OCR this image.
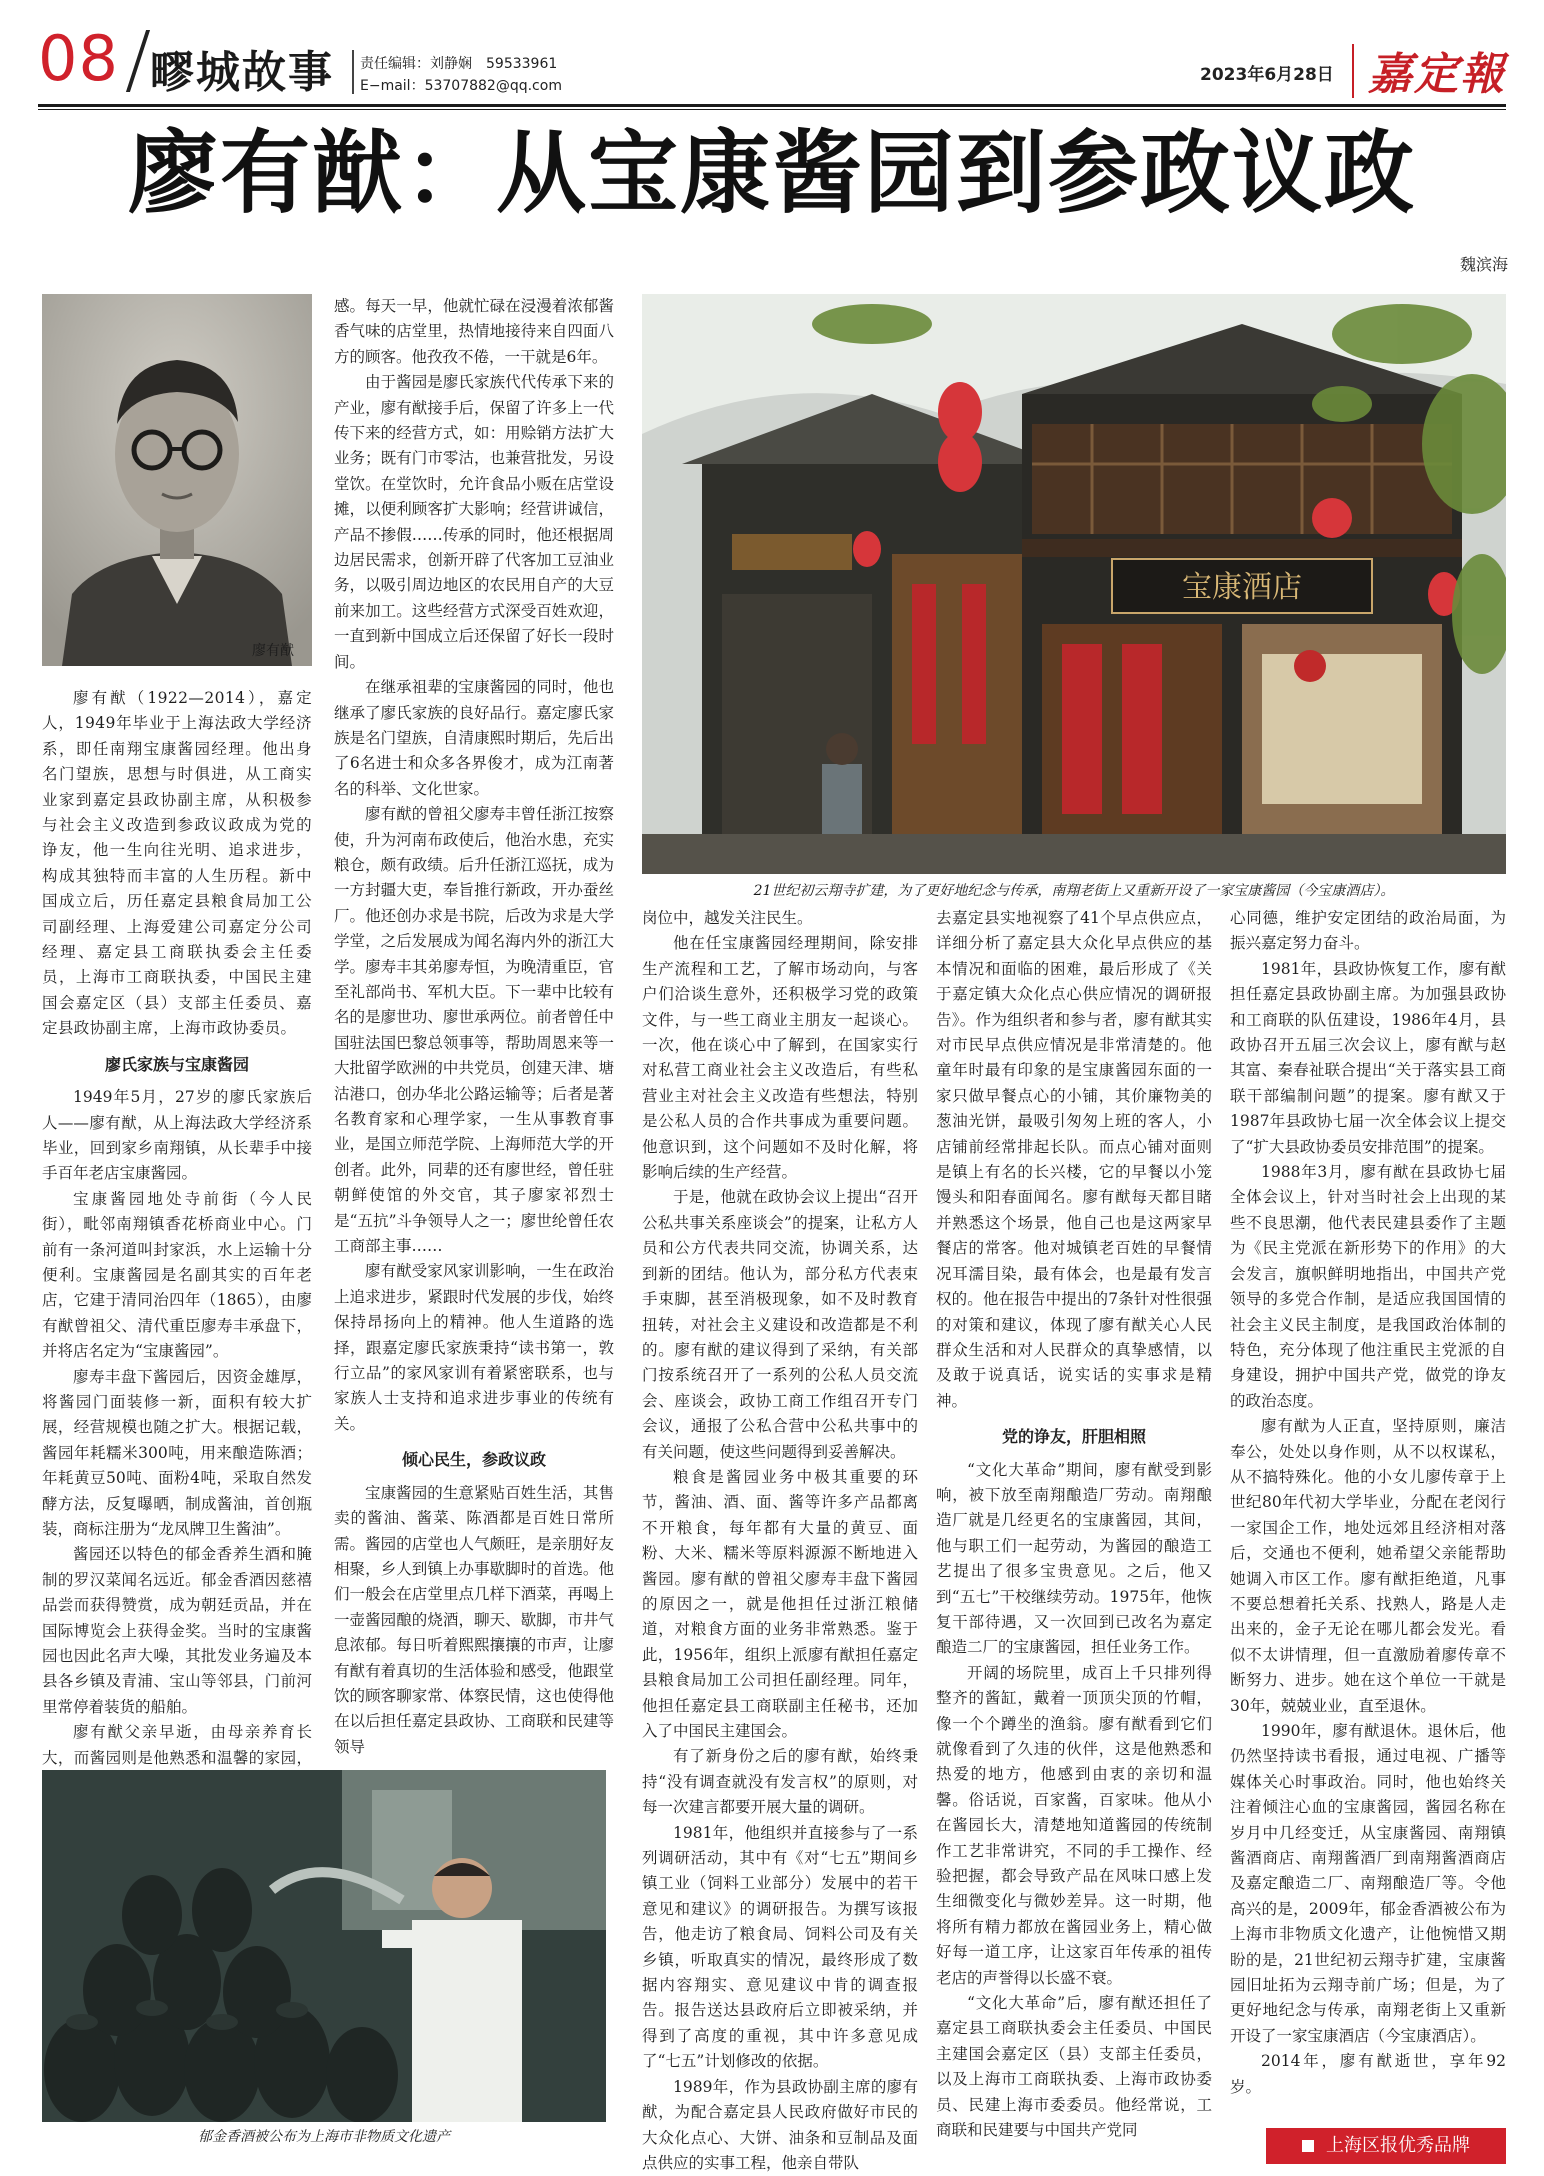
08 疁城故事 责任编辑：刘静娴　59533961
E−mail：53707882@qq.com
2023年6月28日 嘉定報
廖有猷：从宝康酱园到参政议政
魏滨海
廖有猷

廖有猷（1922—2014），嘉定人，1949年毕业于上海法政大学经济系，即任南翔宝康酱园经理。他出身名门望族，思想与时俱进，从工商实业家到嘉定县政协副主席，从积极参与社会主义改造到参政议政成为党的诤友，他一生向往光明、追求进步，构成其独特而丰富的人生历程。新中国成立后，历任嘉定县粮食局加工公司副经理、上海爱建公司嘉定分公司经理、嘉定县工商联执委会主任委员，上海市工商联执委，中国民主建国会嘉定区（县）支部主任委员、嘉定县政协副主席，上海市政协委员。

廖氏家族与宝康酱园

1949年5月，27岁的廖氏家族后人——廖有猷，从上海法政大学经济系毕业，回到家乡南翔镇，从长辈手中接手百年老店宝康酱园。

宝康酱园地处寺前街（今人民街），毗邻南翔镇香花桥商业中心。门前有一条河道叫封家浜，水上运输十分便利。宝康酱园是名副其实的百年老店，它建于清同治四年（1865），由廖有猷曾祖父、清代重臣廖寿丰承盘下，并将店名定为“宝康酱园”。

廖寿丰盘下酱园后，因资金雄厚，将酱园门面装修一新，面积有较大扩展，经营规模也随之扩大。根据记载，酱园年耗糯米300吨，用来酿造陈酒；年耗黄豆50吨、面粉4吨，采取自然发酵方法，反复曝晒，制成酱油，首创瓶装，商标注册为“龙凤牌卫生酱油”。

酱园还以特色的郁金香养生酒和腌制的罗汉菜闻名远近。郁金香酒因慈禧品尝而获得赞赏，成为朝廷贡品，并在国际博览会上获得金奖。当时的宝康酱园也因此名声大噪，其批发业务遍及本县各乡镇及青浦、宝山等邻县，门前河里常停着装货的船舶。

廖有猷父亲早逝，由母亲养育长大，而酱园则是他熟悉和温馨的家园，

感。每天一早，他就忙碌在浸漫着浓郁酱香气味的店堂里，热情地接待来自四面八方的顾客。他孜孜不倦，一干就是6年。

由于酱园是廖氏家族代代传承下来的产业，廖有猷接手后，保留了许多上一代传下来的经营方式，如：用赊销方法扩大业务；既有门市零沽，也兼营批发，另设堂饮。在堂饮时，允许食品小贩在店堂设摊，以便利顾客扩大影响；经营讲诚信，产品不掺假……传承的同时，他还根据周边居民需求，创新开辟了代客加工豆油业务，以吸引周边地区的农民用自产的大豆前来加工。这些经营方式深受百姓欢迎，一直到新中国成立后还保留了好长一段时间。

在继承祖辈的宝康酱园的同时，他也继承了廖氏家族的良好品行。嘉定廖氏家族是名门望族，自清康熙时期后，先后出了6名进士和众多各界俊才，成为江南著名的科举、文化世家。

廖有猷的曾祖父廖寿丰曾任浙江按察使，升为河南布政使后，他治水患，充实粮仓，颇有政绩。后升任浙江巡抚，成为一方封疆大吏，奉旨推行新政，开办蚕丝厂。他还创办求是书院，后改为求是大学学堂，之后发展成为闻名海内外的浙江大学。廖寿丰其弟廖寿恒，为晚清重臣，官至礼部尚书、军机大臣。下一辈中比较有名的是廖世功、廖世承两位。前者曾任中国驻法国巴黎总领事等，帮助周恩来等一大批留学欧洲的中共党员，创建天津、塘沽港口，创办华北公路运输等；后者是著名教育家和心理学家，一生从事教育事业，是国立师范学院、上海师范大学的开创者。此外，同辈的还有廖世经，曾任驻朝鲜使馆的外交官，其子廖家祁烈士是“五抗”斗争领导人之一；廖世纶曾任农工商部主事……

廖有猷受家风家训影响，一生在政治上追求进步，紧跟时代发展的步伐，始终保持昂扬向上的精神。他人生道路的选择，跟嘉定廖氏家族秉持“读书第一，敦行立品”的家风家训有着紧密联系，也与家族人士支持和追求进步事业的传统有关。

倾心民生，参政议政

宝康酱园的生意紧贴百姓生活，其售卖的酱油、酱菜、陈酒都是百姓日常所需。酱园的店堂也人气颇旺，是亲朋好友相聚，乡人到镇上办事歇脚时的首选。他们一般会在店堂里点几样下酒菜，再喝上一壶酱园酿的烧酒，聊天、歇脚，市井气息浓郁。每日听着熙熙攘攘的市声，让廖有猷有着真切的生活体验和感受，他跟堂饮的顾客聊家常、体察民情，这也使得他在以后担任嘉定县政协、工商联和民建等领导

宝康酒店
21世纪初云翔寺扩建，为了更好地纪念与传承，南翔老街上又重新开设了一家宝康酱园（今宝康酒店）。

岗位中，越发关注民生。

他在任宝康酱园经理期间，除安排生产流程和工艺，了解市场动向，与客户们洽谈生意外，还积极学习党的政策文件，与一些工商业主朋友一起谈心。一次，他在谈心中了解到，在国家实行对私营工商业社会主义改造后，有些私营业主对社会主义改造有些想法，特别是公私人员的合作共事成为重要问题。他意识到，这个问题如不及时化解，将影响后续的生产经营。

于是，他就在政协会议上提出“召开公私共事关系座谈会”的提案，让私方人员和公方代表共同交流，协调关系，达到新的团结。他认为，部分私方代表束手束脚，甚至消极现象，如不及时教育扭转，对社会主义建设和改造都是不利的。廖有猷的建议得到了采纳，有关部门按系统召开了一系列的公私人员交流会、座谈会，政协工商工作组召开专门会议，通报了公私合营中公私共事中的有关问题，使这些问题得到妥善解决。

粮食是酱园业务中极其重要的环节，酱油、酒、面、酱等许多产品都离不开粮食，每年都有大量的黄豆、面粉、大米、糯米等原料源源不断地进入酱园。廖有猷的曾祖父廖寿丰盘下酱园的原因之一，就是他担任过浙江粮储道，对粮食方面的业务非常熟悉。鉴于此，1956年，组织上派廖有猷担任嘉定县粮食局加工公司担任副经理。同年，他担任嘉定县工商联副主任秘书，还加入了中国民主建国会。

有了新身份之后的廖有猷，始终秉持“没有调查就没有发言权”的原则，对每一次建言都要开展大量的调研。

1981年，他组织并直接参与了一系列调研活动，其中有《对“七五”期间乡镇工业（饲料工业部分）发展中的若干意见和建议》的调研报告。为撰写该报告，他走访了粮食局、饲料公司及有关乡镇，听取真实的情况，最终形成了数据内容翔实、意见建议中肯的调查报告。报告送达县政府后立即被采纳，并得到了高度的重视，其中许多意见成了“七五”计划修改的依据。

1989年，作为县政协副主席的廖有猷，为配合嘉定县人民政府做好市民的大众化点心、大饼、油条和豆制品及面点供应的实事工程，他亲自带队

去嘉定县实地视察了41个早点供应点，详细分析了嘉定县大众化早点供应的基本情况和面临的困难，最后形成了《关于嘉定镇大众化点心供应情况的调研报告》。作为组织者和参与者，廖有猷其实对市民早点供应情况是非常清楚的。他童年时最有印象的是宝康酱园东面的一家只做早餐点心的小铺，其价廉物美的葱油光饼，最吸引匆匆上班的客人，小店铺前经常排起长队。而点心铺对面则是镇上有名的长兴楼，它的早餐以小笼馒头和阳春面闻名。廖有猷每天都目睹并熟悉这个场景，他自己也是这两家早餐店的常客。他对城镇老百姓的早餐情况耳濡目染，最有体会，也是最有发言权的。他在报告中提出的7条针对性很强的对策和建议，体现了廖有猷关心人民群众生活和对人民群众的真挚感情，以及敢于说真话，说实话的实事求是精神。

党的诤友，肝胆相照

“文化大革命”期间，廖有猷受到影响，被下放至南翔酿造厂劳动。南翔酿造厂就是几经更名的宝康酱园，其间，他与职工们一起劳动，为酱园的酿造工艺提出了很多宝贵意见。之后，他又到“五七”干校继续劳动。1975年，他恢复干部待遇，又一次回到已改名为嘉定酿造二厂的宝康酱园，担任业务工作。

开阔的场院里，成百上千只排列得整齐的酱缸，戴着一顶顶尖顶的竹帽，像一个个蹲坐的渔翁。廖有猷看到它们就像看到了久违的伙伴，这是他熟悉和热爱的地方，他感到由衷的亲切和温馨。俗话说，百家酱，百家味。他从小在酱园长大，清楚地知道酱园的传统制作工艺非常讲究，不同的手工操作、经验把握，都会导致产品在风味口感上发生细微变化与微妙差异。这一时期，他将所有精力都放在酱园业务上，精心做好每一道工序，让这家百年传承的祖传老店的声誉得以长盛不衰。

“文化大革命”后，廖有猷还担任了嘉定县工商联执委会主任委员、中国民主建国会嘉定区（县）支部主任委员，以及上海市工商联执委、上海市政协委员、民建上海市委委员。他经常说，工商联和民建要与中国共产党同

心同德，维护安定团结的政治局面，为振兴嘉定努力奋斗。

1981年，县政协恢复工作，廖有猷担任嘉定县政协副主席。为加强县政协和工商联的队伍建设，1986年4月，县政协召开五届三次会议上，廖有猷与赵其富、秦春祉联合提出“关于落实县工商联干部编制问题”的提案。廖有猷又于1987年县政协七届一次全体会议上提交了“扩大县政协委员安排范围”的提案。

1988年3月，廖有猷在县政协七届全体会议上，针对当时社会上出现的某些不良思潮，他代表民建县委作了主题为《民主党派在新形势下的作用》的大会发言，旗帜鲜明地指出，中国共产党领导的多党合作制，是适应我国国情的社会主义民主制度，是我国政治体制的特色，充分体现了他注重民主党派的自身建设，拥护中国共产党，做党的诤友的政治态度。

廖有猷为人正直，坚持原则，廉洁奉公，处处以身作则，从不以权谋私，从不搞特殊化。他的小女儿廖传章于上世纪80年代初大学毕业，分配在老闵行一家国企工作，地处远郊且经济相对落后，交通也不便利，她希望父亲能帮助她调入市区工作。廖有猷拒绝道，凡事不要总想着托关系、找熟人，路是人走出来的，金子无论在哪儿都会发光。看似不太讲情理，但一直激励着廖传章不断努力、进步。她在这个单位一干就是30年，兢兢业业，直至退休。

1990年，廖有猷退休。退休后，他仍然坚持读书看报，通过电视、广播等媒体关心时事政治。同时，他也始终关注着倾注心血的宝康酱园，酱园名称在岁月中几经变迁，从宝康酱园、南翔镇酱酒商店、南翔酱酒厂到南翔酱酒商店及嘉定酿造二厂、南翔酿造厂等。令他高兴的是，2009年，郁金香酒被公布为上海市非物质文化遗产，让他惋惜又期盼的是，21世纪初云翔寺扩建，宝康酱园旧址拓为云翔寺前广场；但是，为了更好地纪念与传承，南翔老街上又重新开设了一家宝康酒店（今宝康酒店）。

2014年，廖有猷逝世，享年92岁。

郁金香酒被公布为上海市非物质文化遗产	上海区报优秀品牌
